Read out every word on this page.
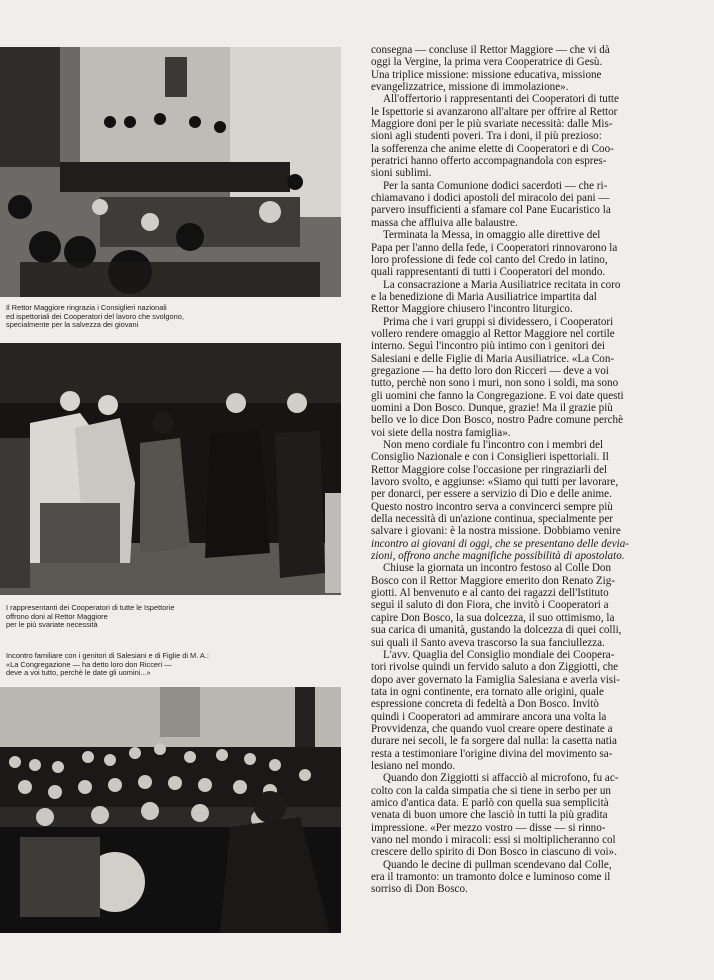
Il Rettor Maggiore ringrazia i Consiglieri nazionali
ed ispettoriali dei Cooperatori del lavoro che svolgono,
specialmente per la salvezza dei giovani
I rappresentanti dei Cooperatori di tutte le Ispettorie
offrono doni al Rettor Maggiore
per le più svariate necessità
Incontro familiare con i genitori di Salesiani e di Figlie di M. A.:
«La Congregazione — ha detto loro don Ricceri —
deve a voi tutto, perchè le date gli uomini...»

consegna — concluse il Rettor Maggiore — che vi dà

oggi la Vergine, la prima vera Cooperatrice di Gesù.

Una triplice missione: missione educativa, missione

evangelizzatrice, missione di immolazione».

All'offertorio i rappresentanti dei Cooperatori di tutte

le Ispettorie si avanzarono all'altare per offrire al Rettor

Maggiore doni per le più svariate necessità: dalle Mis-

sioni agli studenti poveri. Tra i doni, il più prezioso:

la sofferenza che anime elette di Cooperatori e di Coo-

peratrici hanno offerto accompagnandola con espres-

sioni sublimi.

Per la santa Comunione dodici sacerdoti — che ri-

chiamavano i dodici apostoli del miracolo dei pani —

parvero insufficienti a sfamare col Pane Eucaristico la

massa che affluiva alle balaustre.

Terminata la Messa, in omaggio alle direttive del

Papa per l'anno della fede, i Cooperatori rinnovarono la

loro professione di fede col canto del Credo in latino,

quali rappresentanti di tutti i Cooperatori del mondo.

La consacrazione a Maria Ausiliatrice recitata in coro

e la benedizione di Maria Ausiliatrice impartita dal

Rettor Maggiore chiusero l'incontro liturgico.

Prima che i vari gruppi si dividessero, i Cooperatori

vollero rendere omaggio al Rettor Maggiore nel cortile

interno. Seguì l'incontro più intimo con i genitori dei

Salesiani e delle Figlie di Maria Ausiliatrice. «La Con-

gregazione — ha detto loro don Ricceri — deve a voi

tutto, perchè non sono i muri, non sono i soldi, ma sono

gli uomini che fanno la Congregazione. E voi date questi

uomini a Don Bosco. Dunque, grazie! Ma il grazie più

bello ve lo dice Don Bosco, nostro Padre comune perchè

voi siete della nostra famiglia».

Non meno cordiale fu l'incontro con i membri del

Consiglio Nazionale e con i Consiglieri ispettoriali. Il

Rettor Maggiore colse l'occasione per ringraziarli del

lavoro svolto, e aggiunse: «Siamo qui tutti per lavorare,

per donarci, per essere a servizio di Dio e delle anime.

Questo nostro incontro serva a convincerci sempre più

della necessità di un'azione continua, specialmente per

salvare i giovani: è la nostra missione. Dobbiamo venire

incontro ai giovani di oggi, che se presentano delle devia-

zioni, offrono anche magnifiche possibilità di apostolato.

Chiuse la giornata un incontro festoso al Colle Don

Bosco con il Rettor Maggiore emerito don Renato Zig-

giotti. Al benvenuto e al canto dei ragazzi dell'Istituto

seguì il saluto di don Fiora, che invitò i Cooperatori a

capire Don Bosco, la sua dolcezza, il suo ottimismo, la

sua carica di umanità, gustando la dolcezza di quei colli,

sui quali il Santo aveva trascorso la sua fanciullezza.

L'avv. Quaglia del Consiglio mondiale dei Coopera-

tori rivolse quindi un fervido saluto a don Ziggiotti, che

dopo aver governato la Famiglia Salesiana e averla visi-

tata in ogni continente, era tornato alle origini, quale

espressione concreta di fedeltà a Don Bosco. Invitò

quindi i Cooperatori ad ammirare ancora una volta la

Provvidenza, che quando vuol creare opere destinate a

durare nei secoli, le fa sorgere dal nulla: la casetta natia

resta a testimoniare l'origine divina del movimento sa-

lesiano nel mondo.

Quando don Ziggiotti si affacciò al microfono, fu ac-

colto con la calda simpatia che si tiene in serbo per un

amico d'antica data. E parlò con quella sua semplicità

venata di buon umore che lasciò in tutti la più gradita

impressione. «Per mezzo vostro — disse — si rinno-

vano nel mondo i miracoli: essi si moltiplicheranno col

crescere dello spirito di Don Bosco in ciascuno di voi».

Quando le decine di pullman scendevano dal Colle,

era il tramonto: un tramonto dolce e luminoso come il

sorriso di Don Bosco.
